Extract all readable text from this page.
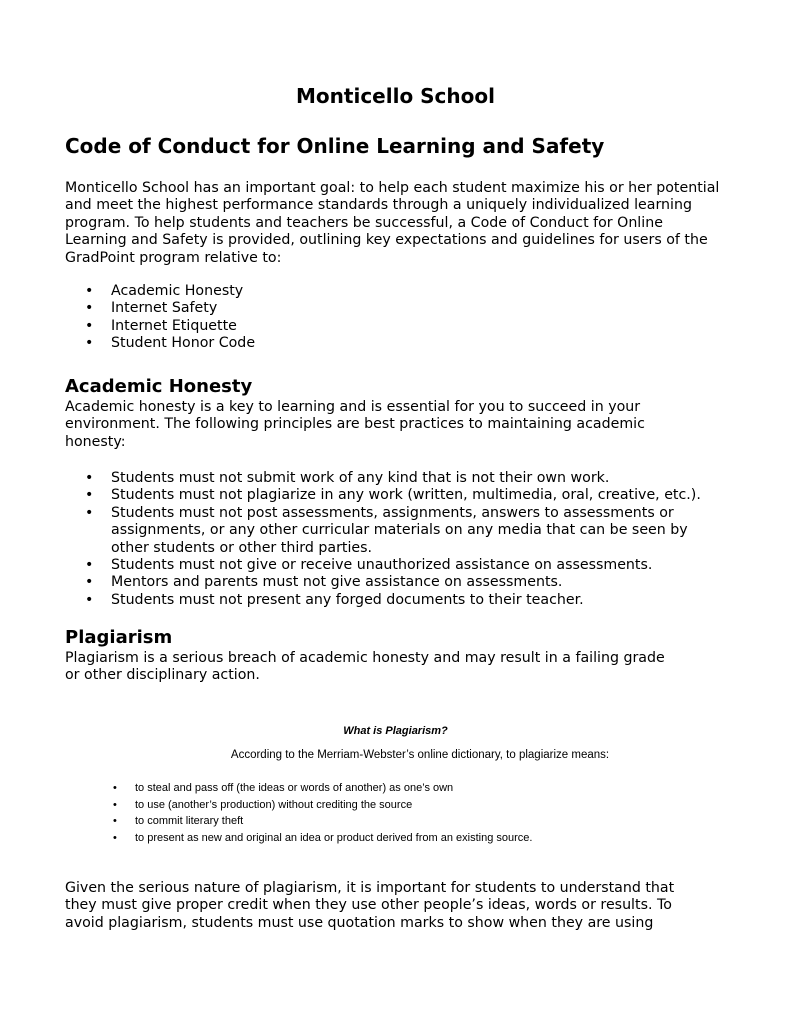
Monticello School
Code of Conduct for Online Learning and Safety
Monticello School has an important goal: to help each student maximize his or her potential
and meet the highest performance standards through a uniquely individualized learning
program. To help students and teachers be successful, a Code of Conduct for Online
Learning and Safety is provided, outlining key expectations and guidelines for users of the
GradPoint program relative to:
• Academic Honesty
• Internet Safety
• Internet Etiquette
• Student Honor Code
Academic Honesty
Academic honesty is a key to learning and is essential for you to succeed in your
environment. The following principles are best practices to maintaining academic
honesty:
• Students must not submit work of any kind that is not their own work.
• Students must not plagiarize in any work (written, multimedia, oral, creative, etc.).
• Students must not post assessments, assignments, answers to assessments or
assignments, or any other curricular materials on any media that can be seen by
other students or other third parties.
• Students must not give or receive unauthorized assistance on assessments.
• Mentors and parents must not give assistance on assessments.
• Students must not present any forged documents to their teacher.
Plagiarism
Plagiarism is a serious breach of academic honesty and may result in a failing grade
or other disciplinary action.
What is Plagiarism?
According to the Merriam-Webster’s online dictionary, to plagiarize means:
• to steal and pass off (the ideas or words of another) as one’s own
• to use (another’s production) without crediting the source
• to commit literary theft
• to present as new and original an idea or product derived from an existing source.
Given the serious nature of plagiarism, it is important for students to understand that
they must give proper credit when they use other people’s ideas, words or results. To
avoid plagiarism, students must use quotation marks to show when they are using
